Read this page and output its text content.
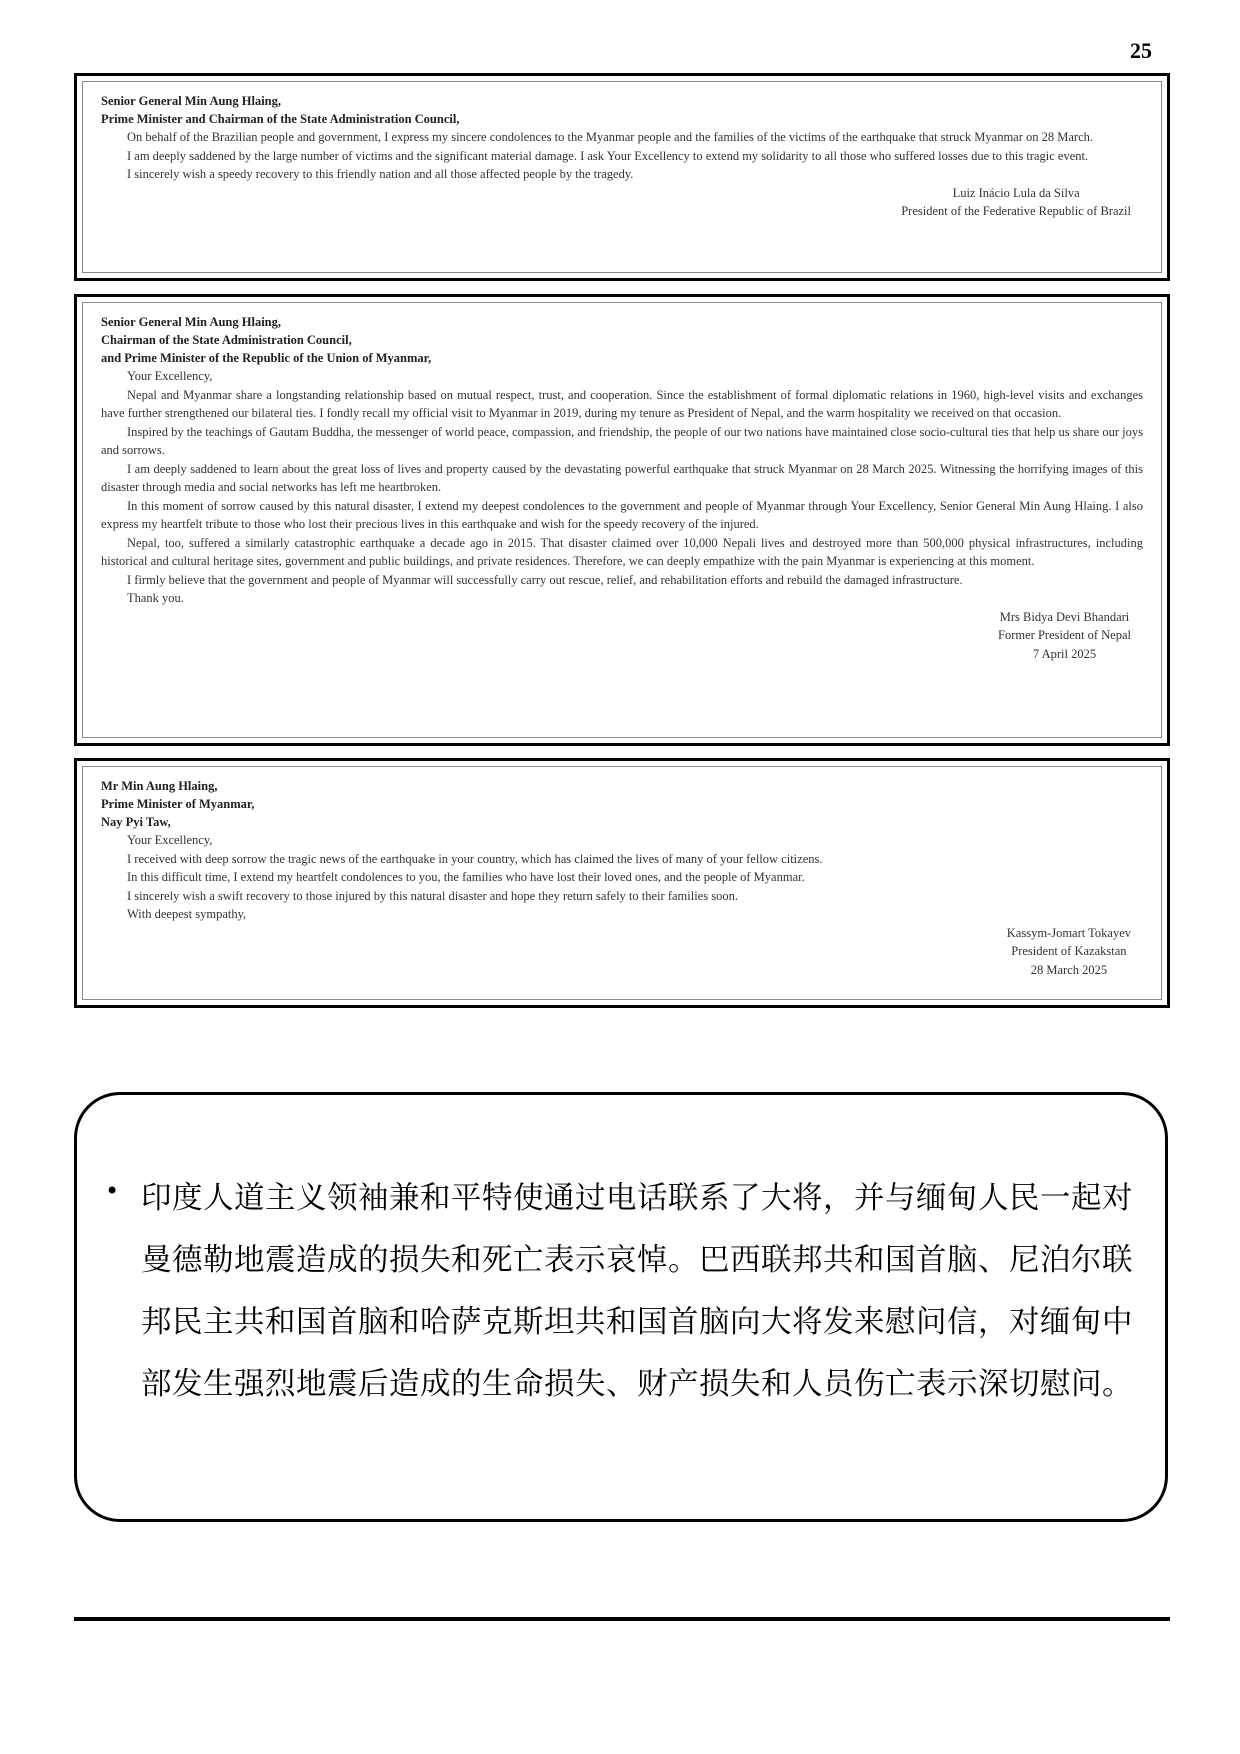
25
Senior General Min Aung Hlaing,
Prime Minister and Chairman of the State Administration Council,
On behalf of the Brazilian people and government, I express my sincere condolences to the Myanmar people and the families of the victims of the earthquake that struck Myanmar on 28 March.
I am deeply saddened by the large number of victims and the significant material damage. I ask Your Excellency to extend my solidarity to all those who suffered losses due to this tragic event.
I sincerely wish a speedy recovery to this friendly nation and all those affected people by the tragedy.
Luiz Inácio Lula da Silva
President of the Federative Republic of Brazil
Senior General Min Aung Hlaing,
Chairman of the State Administration Council,
and Prime Minister of the Republic of the Union of Myanmar,
Your Excellency,
Nepal and Myanmar share a longstanding relationship based on mutual respect, trust, and cooperation. Since the establishment of formal diplomatic relations in 1960, high-level visits and exchanges have further strengthened our bilateral ties. I fondly recall my official visit to Myanmar in 2019, during my tenure as President of Nepal, and the warm hospitality we received on that occasion.
Inspired by the teachings of Gautam Buddha, the messenger of world peace, compassion, and friendship, the people of our two nations have maintained close socio-cultural ties that help us share our joys and sorrows.
I am deeply saddened to learn about the great loss of lives and property caused by the devastating powerful earthquake that struck Myanmar on 28 March 2025. Witnessing the horrifying images of this disaster through media and social networks has left me heartbroken.
In this moment of sorrow caused by this natural disaster, I extend my deepest condolences to the government and people of Myanmar through Your Excellency, Senior General Min Aung Hlaing. I also express my heartfelt tribute to those who lost their precious lives in this earthquake and wish for the speedy recovery of the injured.
Nepal, too, suffered a similarly catastrophic earthquake a decade ago in 2015. That disaster claimed over 10,000 Nepali lives and destroyed more than 500,000 physical infrastructures, including historical and cultural heritage sites, government and public buildings, and private residences. Therefore, we can deeply empathize with the pain Myanmar is experiencing at this moment.
I firmly believe that the government and people of Myanmar will successfully carry out rescue, relief, and rehabilitation efforts and rebuild the damaged infrastructure.
Thank you.
Mrs Bidya Devi Bhandari
Former President of Nepal
7 April 2025
Mr Min Aung Hlaing,
Prime Minister of Myanmar,
Nay Pyi Taw,
Your Excellency,
I received with deep sorrow the tragic news of the earthquake in your country, which has claimed the lives of many of your fellow citizens.
In this difficult time, I extend my heartfelt condolences to you, the families who have lost their loved ones, and the people of Myanmar.
I sincerely wish a swift recovery to those injured by this natural disaster and hope they return safely to their families soon.
With deepest sympathy,
Kassym-Jomart Tokayev
President of Kazakstan
28 March 2025
• 印度人道主义领袖兼和平特使通过电话联系了大将，并与缅甸人民一起对曼德勒地震造成的损失和死亡表示哀悼。巴西联邦共和国首脑、尼泊尔联邦民主共和国首脑和哈萨克斯坦共和国首脑向大将发来慰问信，对缅甸中部发生强烈地震后造成的生命损失、财产损失和人员伤亡表示深切慰问。
